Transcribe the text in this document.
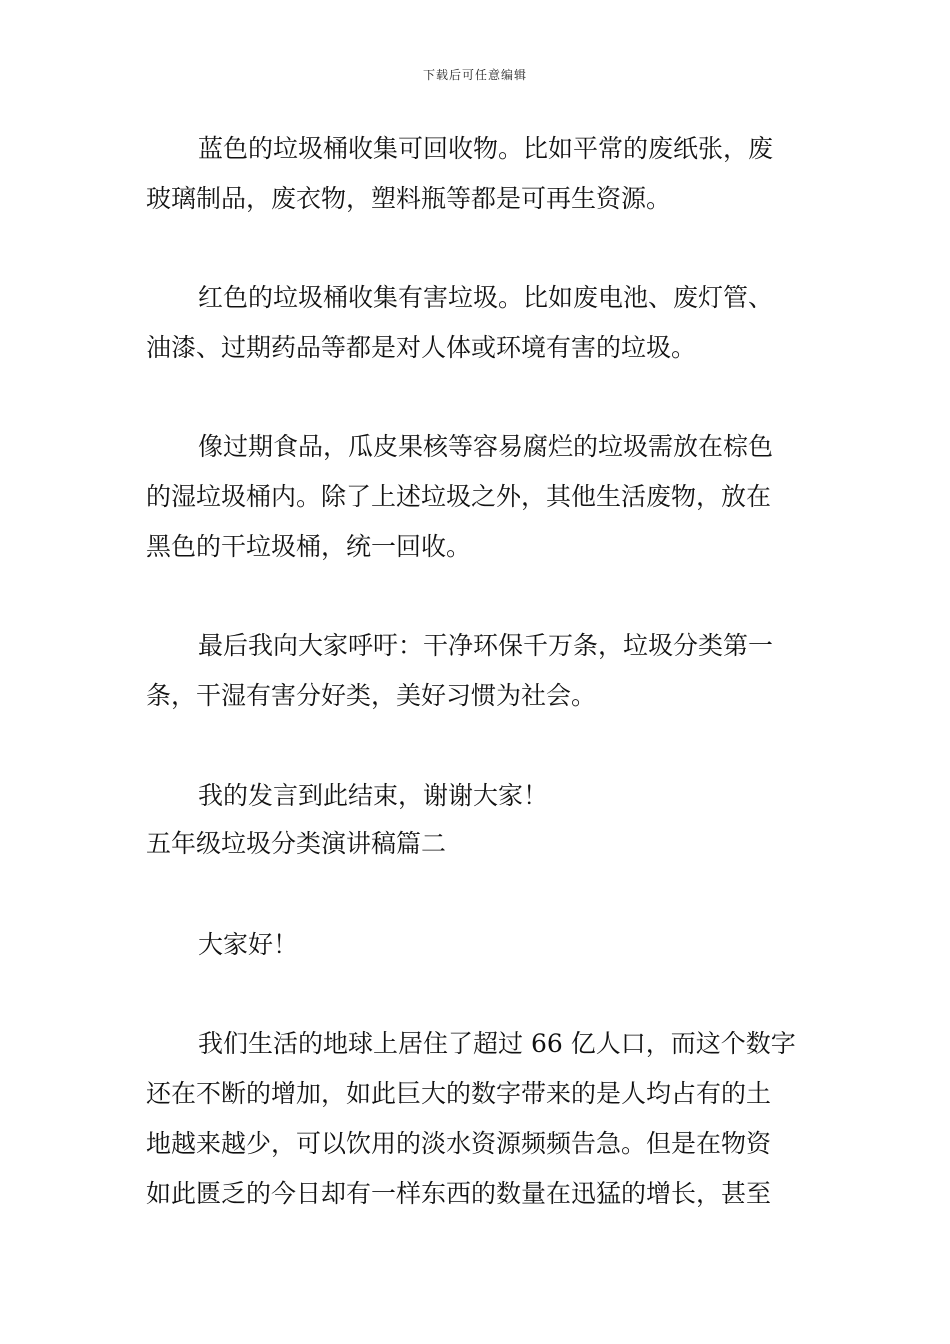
下载后可任意编辑
蓝色的垃圾桶收集可回收物。比如平常的废纸张，废
玻璃制品，废衣物，塑料瓶等都是可再生资源。
红色的垃圾桶收集有害垃圾。比如废电池、废灯管、
油漆、过期药品等都是对人体或环境有害的垃圾。
像过期食品，瓜皮果核等容易腐烂的垃圾需放在棕色
的湿垃圾桶内。除了上述垃圾之外，其他生活废物，放在
黑色的干垃圾桶，统一回收。
最后我向大家呼吁：干净环保千万条，垃圾分类第一
条，干湿有害分好类，美好习惯为社会。
我的发言到此结束，谢谢大家！
五年级垃圾分类演讲稿篇二
大家好！
我们生活的地球上居住了超过 66 亿人口，而这个数字
还在不断的增加，如此巨大的数字带来的是人均占有的土
地越来越少，可以饮用的淡水资源频频告急。但是在物资
如此匮乏的今日却有一样东西的数量在迅猛的增长，甚至
